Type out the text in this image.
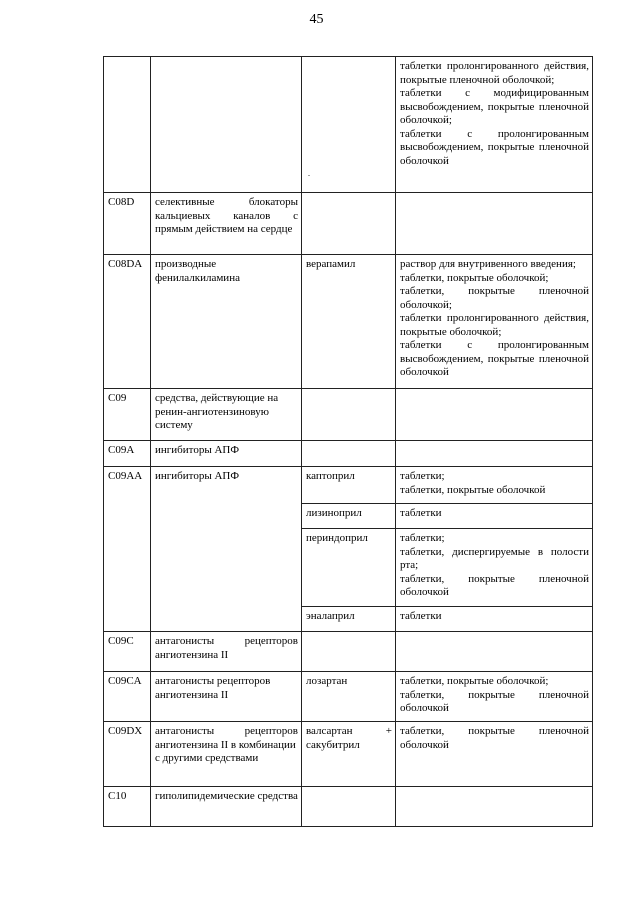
45

		.	таблетки пролонгированного действия, покрытые пленочной оболочкой;
таблетки с модифицированным высвобождением, покрытые пленочной оболочкой;
таблетки с пролонгированным высвобождением, покрытые пленочной оболочкой

C08D	селективные блокаторы кальциевых каналов с прямым действием на сердце		
C08DA	производные фенилалкиламина	верапамил	раствор для внутривенного введения;
таблетки, покрытые оболочкой;
таблетки, покрытые пленочной оболочкой;
таблетки пролонгированного действия, покрытые оболочкой;
таблетки с пролонгированным высвобождением, покрытые пленочной оболочкой

C09	средства, действующие на ренин-ангиотензиновую систему		
C09A	ингибиторы АПФ		
C09AA	ингибиторы АПФ	каптоприл	таблетки;
таблетки, покрытые оболочкой

		лизиноприл	таблетки

		периндоприл	таблетки;
таблетки, диспергируемые в полости рта;
таблетки, покрытые пленочной оболочкой

		эналаприл	таблетки

C09C	антагонисты рецепторов ангиотензина II		
C09CA	антагонисты рецепторов ангиотензина II	лозартан	таблетки, покрытые оболочкой;
таблетки, покрытые пленочной оболочкой

C09DX	антагонисты рецепторов ангиотензина II в комбинации
с другими средствами	валсартан + сакубитрил	таблетки, покрытые пленочной оболочкой

C10	гиполипидемические средства		
